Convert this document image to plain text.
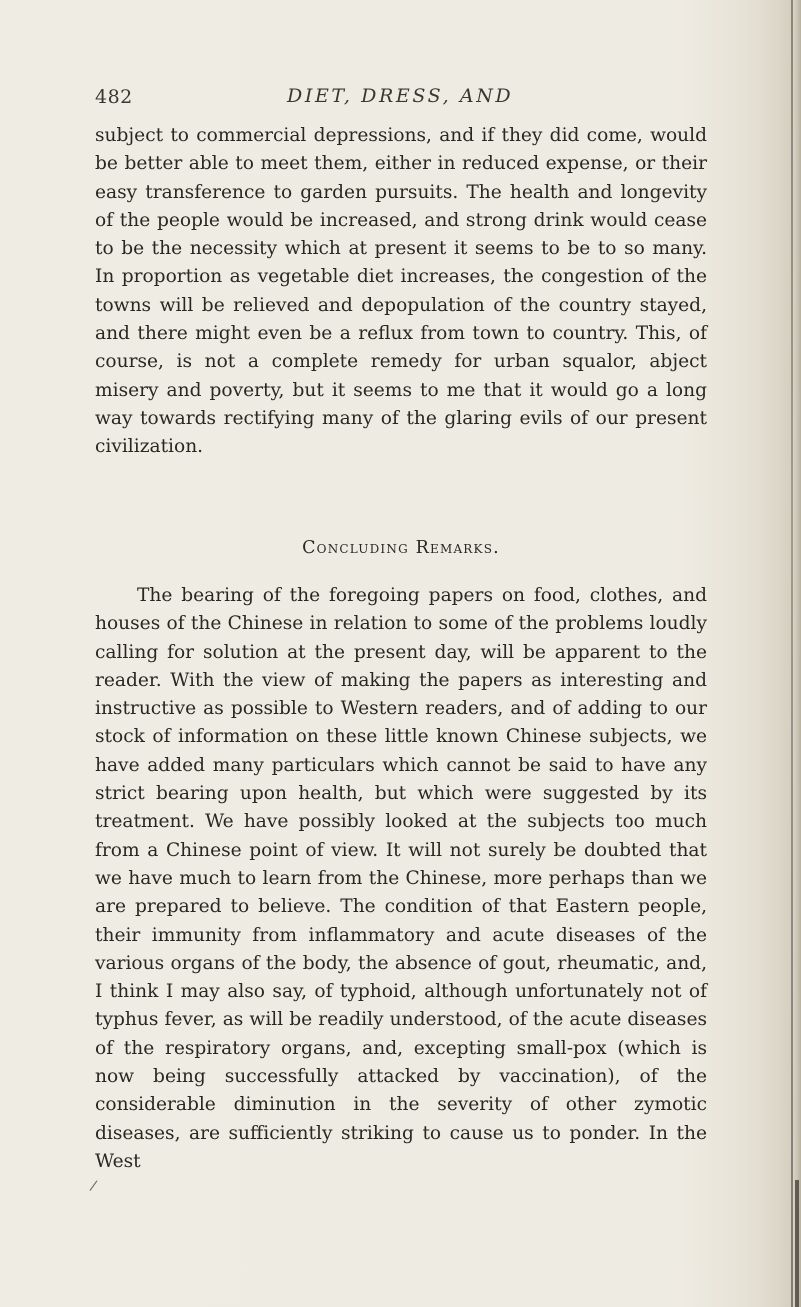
482	DIET, DRESS, AND

subject to commercial depressions, and if they did come, would be better able to meet them, either in reduced expense, or their easy transference to garden pursuits. The health and longevity of the people would be increased, and strong drink would cease to be the necessity which at present it seems to be to so many. In proportion as vegetable diet increases, the congestion of the towns will be relieved and depopulation of the country stayed, and there might even be a reflux from town to country. This, of course, is not a complete remedy for urban squalor, abject misery and poverty, but it seems to me that it would go a long way towards rectifying many of the glaring evils of our present civilization.

Concluding Remarks.

The bearing of the foregoing papers on food, clothes, and houses of the Chinese in relation to some of the problems loudly calling for solution at the present day, will be apparent to the reader. With the view of making the papers as interesting and instructive as possible to Western readers, and of adding to our stock of information on these little known Chinese subjects, we have added many particulars which cannot be said to have any strict bearing upon health, but which were suggested by its treatment. We have possibly looked at the subjects too much from a Chinese point of view. It will not surely be doubted that we have much to learn from the Chinese, more perhaps than we are prepared to believe. The condition of that Eastern people, their immunity from inflammatory and acute diseases of the various organs of the body, the absence of gout, rheumatic, and, I think I may also say, of typhoid, although unfortunately not of typhus fever, as will be readily understood, of the acute diseases of the respiratory organs, and, excepting small-pox (which is now being successfully attacked by vaccination), of the considerable diminution in the severity of other zymotic diseases, are sufficiently striking to cause us to ponder. In the West

/
